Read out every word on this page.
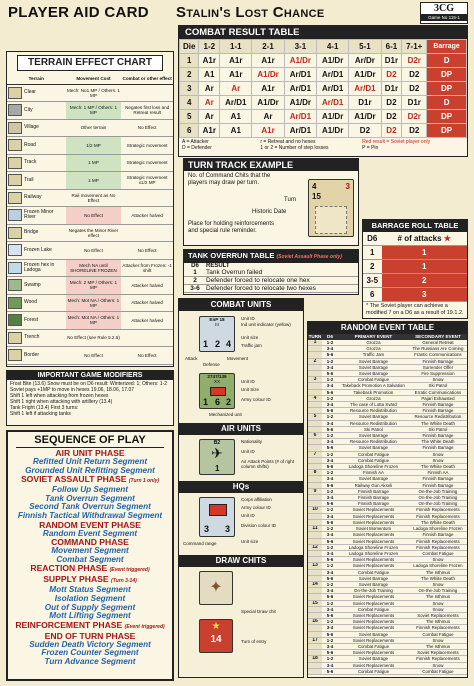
PLAYER AID CARD Stalin's Lost Chance	3CG
Game No 115-1
TERRAIN EFFECT CHART
Terrain		Movement Cost	Combat or other effect
	Clear	Mech: No1 MP / Others: 1 MP	
	City	Mech: 1 MP / Others: 1 MP	Negates first loss and Retreat result
	Village	Other terrain	No Effect
	Road	1/2 MP	Strategic movement
	Track	1 MP	Strategic movement
	Trail	1 MP	Strategic movement x1/2 MP
	Railway	Rail movement as No Effect	
	Frozen Minor River	No Effect	Attacker halved
	Bridge	Negates the Minor River effect	
	Frozen Lake	No Effect	No Effect
	Frozen hex in Ladoga	Mech NA until SHORELINE FROZEN	Attacker from Frozen: -1 shift
	Swamp	Mech: 2 MP / Others: 1 MP	Attacker halved
	Wood	Mech: Mot NA / Others: 1 MP	Attacker halved
	Forest	Mech: Mot NA / Others: 1 MP	Attacker halved
	Trench	No Effect (see Rule 5.2.5)	
	Border	No Effect	No Effect

IMPORTANT GAME MODIFIERS
Frost Bite (13.6) Snow must be on D6 result: Winterized: 1; Others: 1-2
Soviet pays +1MP to move in hexes 19.06, 18.06, 17.07
Shift 1 left when attacking from frozen hexes
Shift 1 right when attacking with artillery (13.4)
Tank Fright (13.4) First 3 turns:
Shift 1 left if attacking tanks
SEQUENCE OF PLAY
AIR UNIT PHASE
Refitted Unit Return Segment
Grounded Unit Refitting Segment
SOVIET ASSAULT PHASE (Turn 1 only)
Follow Up Segment
Tank Overrun Segment
Second Tank Overrun Segment
Finnish Tactical Withdrawal Segment
RANDOM EVENT PHASE
Random Event Segment
COMMAND PHASE
Movement Segment
Combat Segment
REACTION PHASE (Event triggered)
SUPPLY PHASE (Turn 3-14)
Mott Status Segment
Isolation Segment
Out of Supply Segment
Mott Lifting Segment
REINFORCEMENT PHASE (Event triggered)
END OF TURN PHASE
Sudden Death Victory Segment
Frozen Counter Segment
Turn Advance Segment
COMBAT RESULT TABLE
Die	1-2	1-1	2-1	3-1	4-1	5-1	6-1	7-1+	Barrage
1	A1r	A1r	A1r	A1/Dr	A1/Dr	Ar/Dr	D1r	D2r	D
2	A1	A1r	A1/Dr	Ar/D1	Ar/D1	A1/Dr	D2	D2	DP
3	Ar	Ar	A1r	Ar/D1	Ar/D1	Ar/D1	D1r	D2	DP
4	Ar	Ar/D1	A1/Dr	A1/Dr	Ar/D1	D1r	D2	D1r	D
5	Ar	A1	Ar	Ar/D1	A1/Dr	A1/Dr	D2	D2r	DP
6	A1r	A1	A1r	Ar/D1	A1/Dr	D2	D2	D2	DP
A = Attacker	r = Retreat and no hexes	Red result = Soviet player only
D = Defender	1 or 2 = Number of step losses	P = Pin
TURN TRACK EXAMPLE
No. of Command Chits that the
players may draw per turn.
Turn
Historic Date
Place for holding reinforcements
and special rule reminder.
4
15
3
TANK OVERRUN TABLE (Soviet Assault Phase only)
D6	RESULT
1	Tank Overrun failed
2	Defender forced to relocate one hex
3-6	Defender forced to relocate two hexes
BARRAGE ROLL TABLE
D6	# of attacks ★
1	1
2	1
3-5	2
6	3
* The Soviet player can achieve a modified 7 on a D6 as a result of 19.1.2.
COMBAT UNITS
EnP 18
III
1 2 4
Unit ID
Ind unit indicator (yellow)
Unit size
Traffic jam
Attack	Movement
Defense
2747/139
XX
1 6 2
Unit ID
Unit Size
Army colour ID
Mechanized unit
AIR UNITS
B2
✈
1
Nationality
Unit ID
Air Attack Points (# of right column shifts)
HQs
3 3
Corps affiliation
Army colour ID
Unit ID
Command range
Division colour ID
Unit size
DRAW CHITS
✦
Special Draw chit
★
14	Turn of entry
RANDOM EVENT TABLE
TURN	D6	PRIMARY EVENT	SECONDARY EVENT
1	1-2	Grozza	General Retreat
	3-4	Grozza	The Russians Are Coming
	5-6	Traffic Jam	Frantic Communications
2	1-2	Soviet Barrage	Finnish Barrage
	3-4	Soviet Barrage	Surrender Offer
	5-6	Soviet Barrage	Fire Suppression
3	1-2	Combat Fatigue	Snow
	3-4	Takeback Promotion A Salvation	Ski Patrol
	5-6	Takeback Promotion	Erratic Communications
4	1-2	Grozza	Pajari Exhausted
	3-4	The case of Lotta Svärd	Finnish Barrage
	5-6	Resource Redistribution	Finnish Barrage
5	1-2	Soviet Barrage	Resource Redistribution
	3-4	Resource Redistribution	The Whiite Death
	5-6	Ski Patrol	Ski Patrol
6	1-2	Soviet Barrage	Finnish Barrage
	3-4	Resource Redistribution	The White Death
	5-6	Soviet Barrage	Finnish Barrage
7	1-2	Combat Fatigue	Snow
	3-4	Combat Fatigue	Snow
	5-6	Ladoga Shoreline Frozen	The Whiite Death
8	1-2	Finnish AA	Finnish AA
	3-4	Soviet Barrage	Finnish Barrage
	5-6	Railway Gun Akseli	Finnish Barrage
9	1-2	Finnish Barrage	On-the-Job Training
	3-4	Finnish Barrage	On-the-Job Training
	5-6	Finnish Barrage	On-the-Job Training
10	1-2	Soviet Replacements	Finnish Replacements
	3-4	Soviet Replacements	Finnish Replacements
	5-6	Soviet Replacements	The Whiite Death
11	1-2	Soviet Momentum	Ladoga Shoreline Frozen
	3-4	Soviet Replacements	Finnish Barrage
	5-6	Soviet Replacements	Finnish Replacements
12	1-2	Ladoga Shoreline Frozen	Finnish Replacements
	3-4	Ladoga Shoreline Frozen	Combat Fatigue
	5-6	Soviet Replacements	Snow
13	1-2	Soviet Replacements	Ladoga Shoreline Frozen
	3-4	Combat Fatigue	The Isthmus
	5-6	Soviet Barrage	The Whiite Death
14	1-2	Soviet Barrage	Snow
	3-4	On-the-Job Training	On-the-Job Training
	5-6	Soviet Replacements	The Isthmus
15	1-2	Soviet Replacements	Snow
	3-4	Combat Fatigue	Snow
	5-6	Soviet Replacements	Soviet Replacements
16	1-2	Soviet Replacements	The Isthmus
	3-4	Soviet Replacements	Finnish Replacements
	5-6	Soviet Barrage	Combat Fatigue
17	1-2	Soviet Replacements	Snow
	3-4	Combat Fatigue	The Isthmus
	5-6	Soviet Replacements	Soviet Replacements
18	1-2	Soviet Barrage	Finnish Replacements
	3-4	Soviet Replacements	Snow
	5-6	Combat Fatigue	Combat Fatigue
